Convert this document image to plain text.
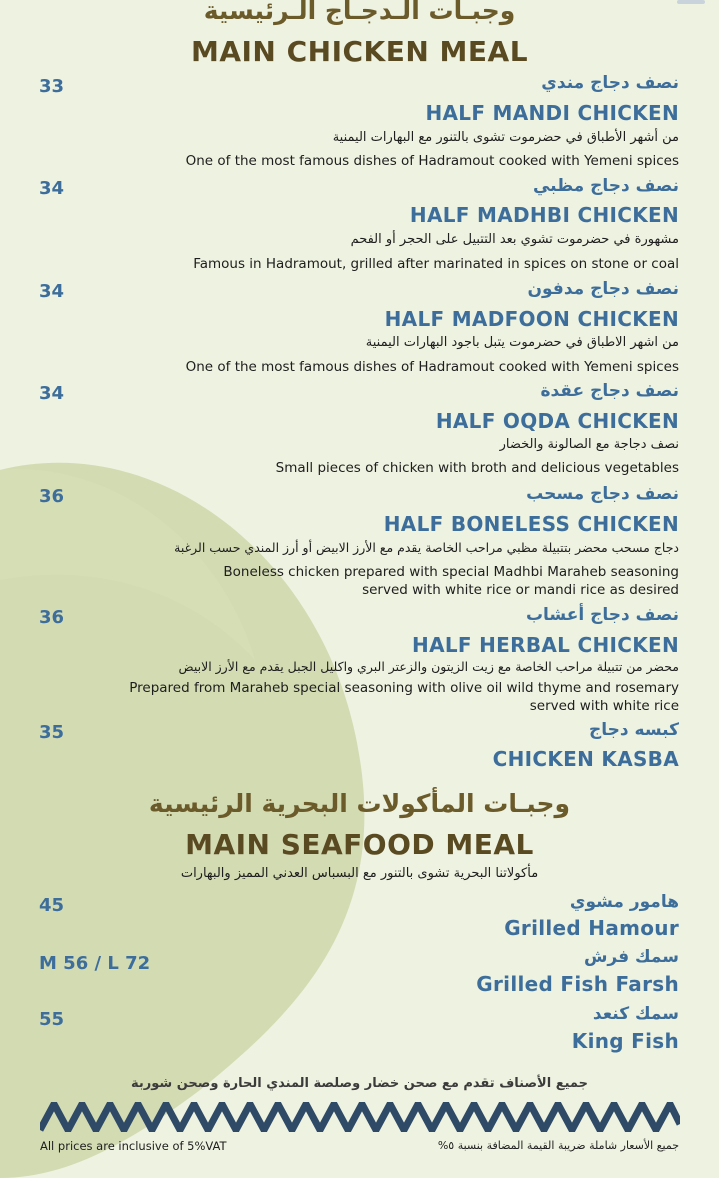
وجبـات الـدجـاج الـرئيسية
MAIN CHICKEN MEAL
33	نصف دجاج مندي
HALF MANDI CHICKEN
من أشهر الأطباق في حضرموت تشوى بالتنور مع البهارات اليمنية
One of the most famous dishes of Hadramout cooked with Yemeni spices
34	نصف دجاج مظبي
HALF MADHBI CHICKEN
مشهورة في حضرموت تشوي بعد التتبيل على الحجر أو الفحم
Famous in Hadramout, grilled after marinated in spices on stone or coal
34	نصف دجاج مدفون
HALF MADFOON CHICKEN
من اشهر الاطباق في حضرموت يتبل باجود البهارات اليمنية
One of the most famous dishes of Hadramout cooked with Yemeni spices
34	نصف دجاج عقدة
HALF OQDA CHICKEN
نصف دجاجة مع الصالونة والخضار
Small pieces of chicken with broth and delicious vegetables
36	نصف دجاج مسحب
HALF BONELESS CHICKEN
دجاج مسحب محضر بتتبيلة مظبي مراحب الخاصة يقدم مع الأرز الابيض أو أرز المندي حسب الرغبة
Boneless chicken prepared with special Madhbi Maraheb seasoning
served with white rice or mandi rice as desired
36	نصف دجاج أعشاب
HALF HERBAL CHICKEN
محضر من تتبيلة مراحب الخاصة مع زيت الزيتون والزعتر البري واكليل الجبل يقدم مع الأرز الابيض
Prepared from Maraheb special seasoning with olive oil wild thyme and rosemary
served with white rice
35	كبسه دجاج
CHICKEN KASBA
وجبـات المأكولات البحرية الرئيسية
MAIN SEAFOOD MEAL
مأكولاتنا البحرية تشوى بالتنور مع البسباس العدني المميز والبهارات
45	هامور مشوي
Grilled Hamour
M 56 / L 72	سمك فرش
Grilled Fish Farsh
55	سمك كنعد
King Fish
جميع الأصناف تقدم مع صحن خضار وصلصة المندي الحارة وصحن شوربة
All prices are inclusive of 5%VAT	جميع الأسعار شاملة ضريبة القيمة المضافة بنسبة ٥%
